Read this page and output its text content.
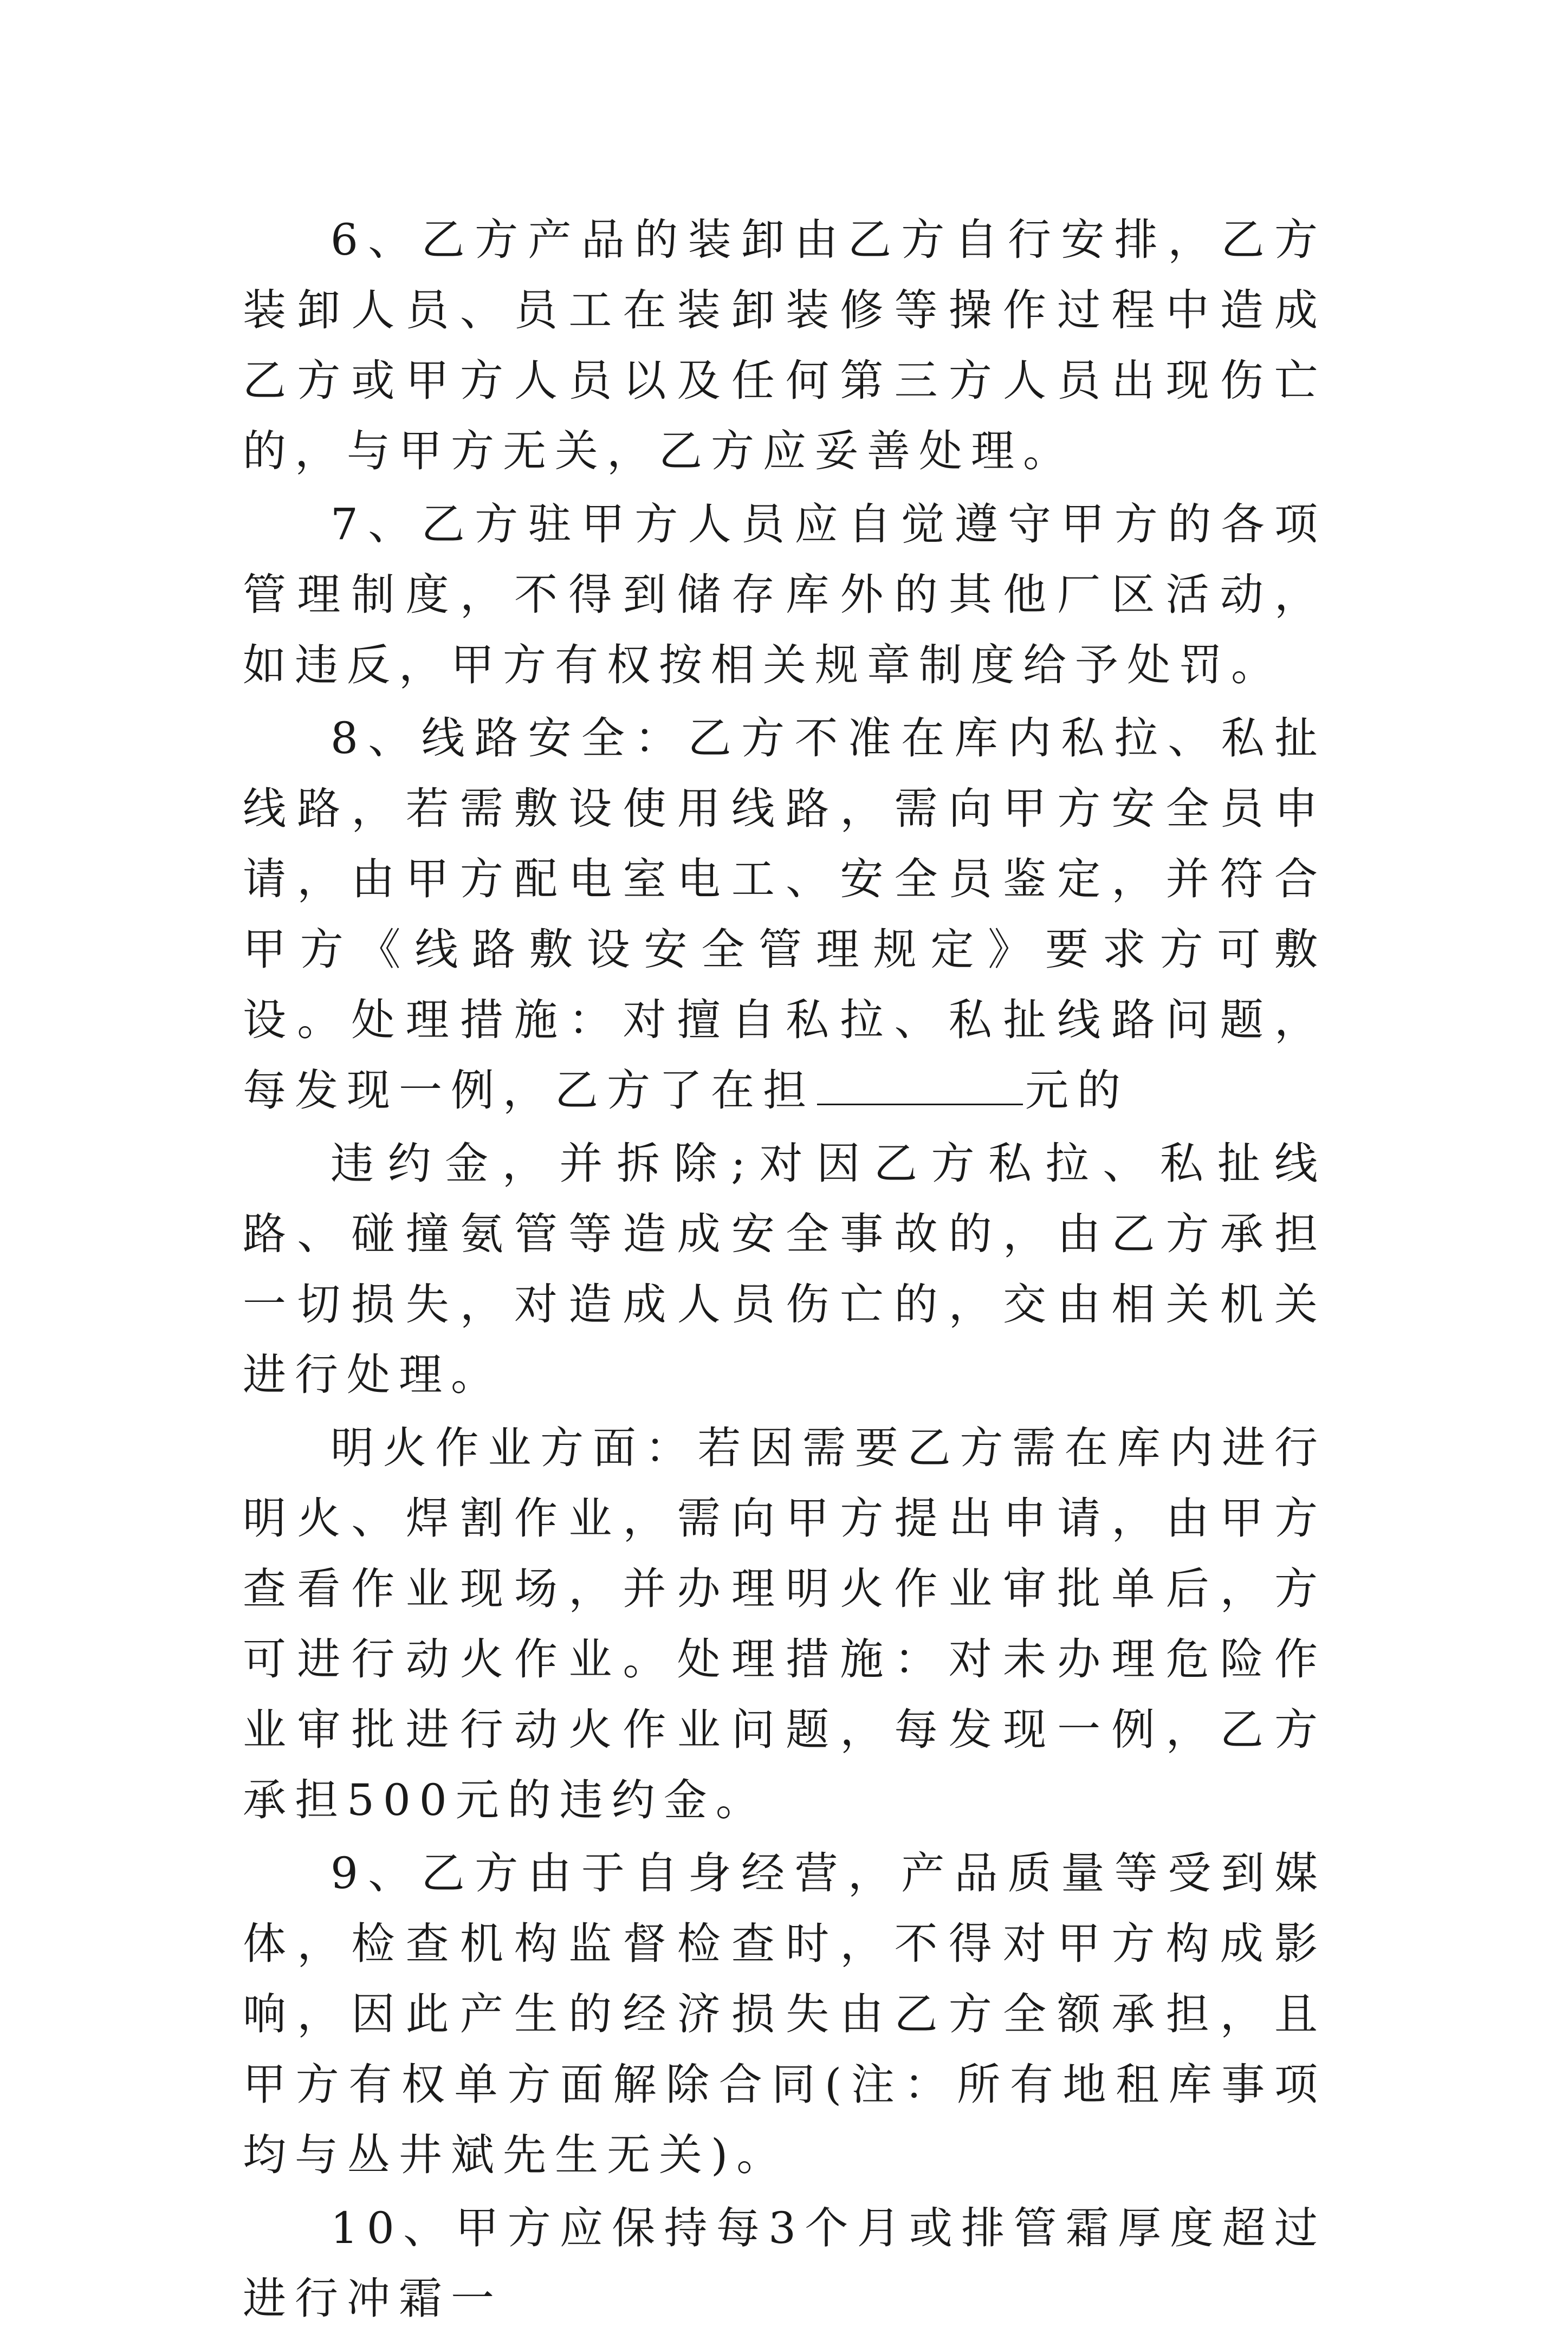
6、乙方产品的装卸由乙方自行安排，乙方装卸人员、员工在装卸装修等操作过程中造成乙方或甲方人员以及任何第三方人员出现伤亡的，与甲方无关，乙方应妥善处理。

7、乙方驻甲方人员应自觉遵守甲方的各项管理制度，不得到储存库外的其他厂区活动，如违反，甲方有权按相关规章制度给予处罚。

8、线路安全：乙方不准在库内私拉、私扯线路，若需敷设使用线路，需向甲方安全员申请，由甲方配电室电工、安全员鉴定，并符合甲方《线路敷设安全管理规定》要求方可敷设。处理措施：对擅自私拉、私扯线路问题，每发现一例，乙方了在担	元的

违约金，并拆除;对因乙方私拉、私扯线路、碰撞氨管等造成安全事故的，由乙方承担一切损失，对造成人员伤亡的，交由相关机关进行处理。

明火作业方面：若因需要乙方需在库内进行明火、焊割作业，需向甲方提出申请，由甲方查看作业现场，并办理明火作业审批单后，方可进行动火作业。处理措施：对未办理危险作业审批进行动火作业问题，每发现一例，乙方承担500元的违约金。

9、乙方由于自身经营，产品质量等受到媒体，检查机构监督检查时，不得对甲方构成影响，因此产生的经济损失由乙方全额承担，且甲方有权单方面解除合同(注：所有地租库事项均与丛井斌先生无关)。

10、甲方应保持每3个月或排管霜厚度超过进行冲霜一
